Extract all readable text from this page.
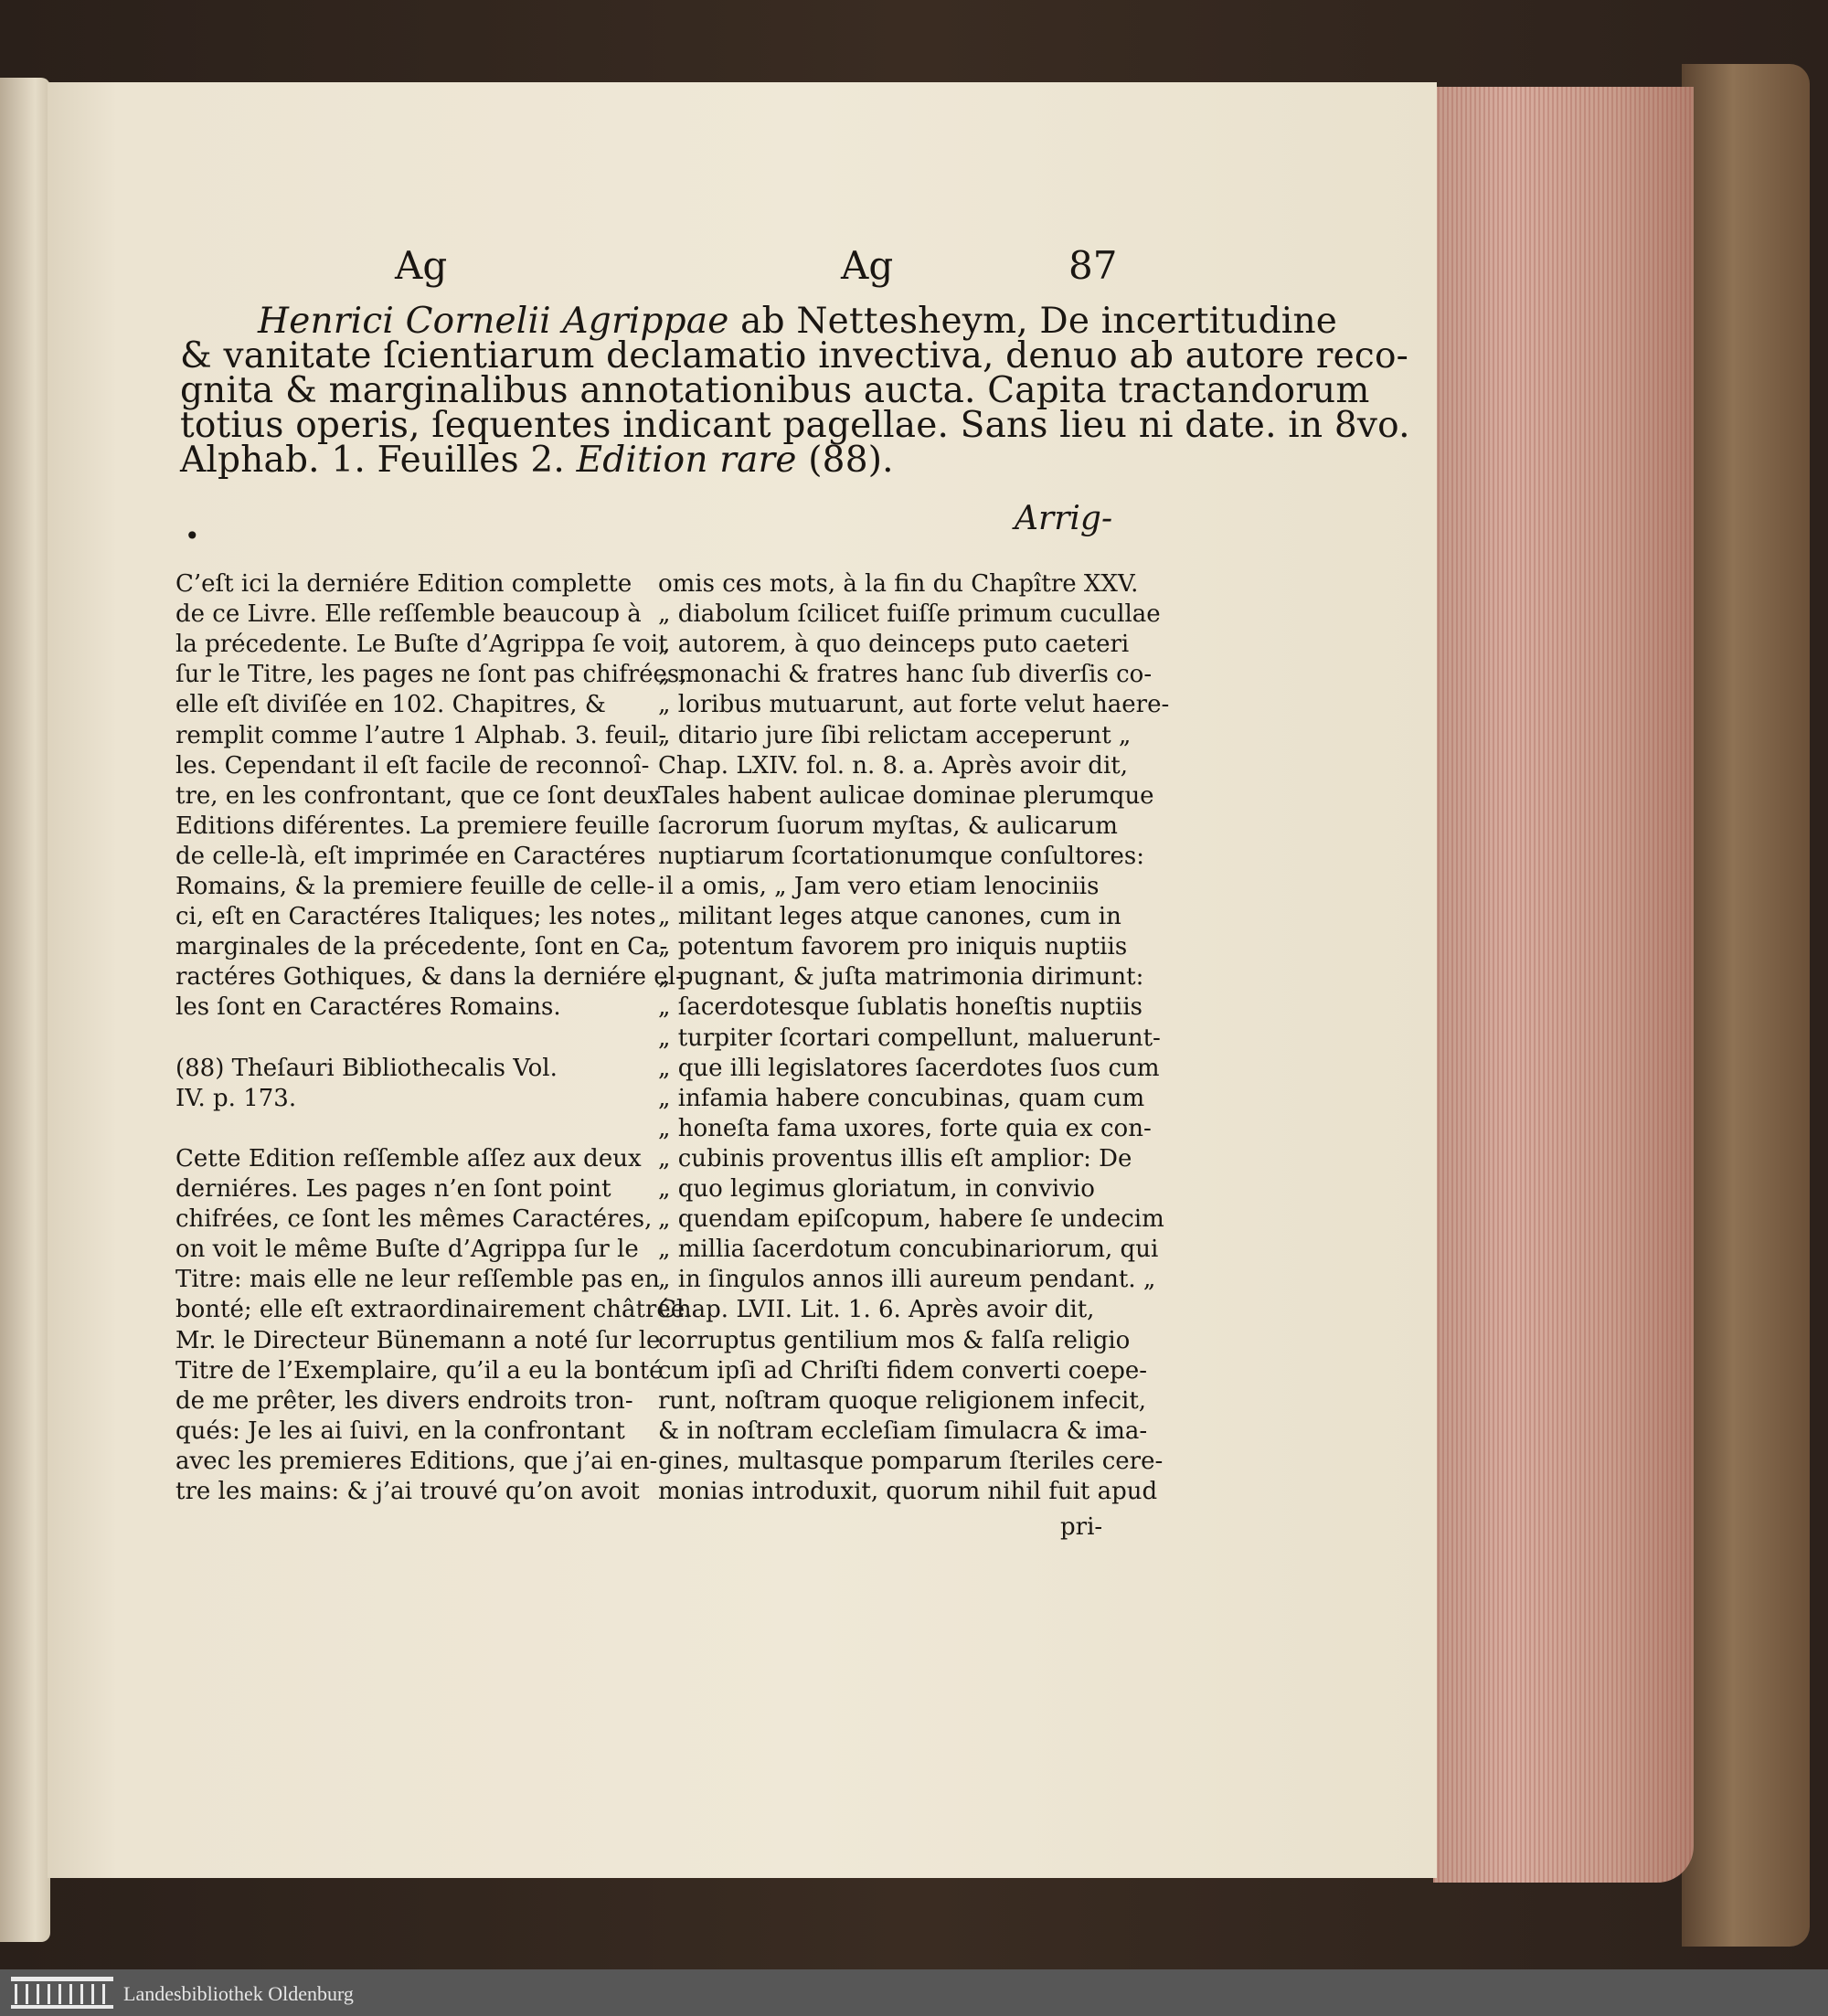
Ag	Ag	87
Henrici Cornelii Agrippae ab Nettesheym, De incertitudine
& vanitate ſcientiarum declamatio invectiva, denuo ab autore reco-
gnita & marginalibus annotationibus aucta. Capita tractandorum
totius operis, ſequentes indicant pagellae. Sans lieu ni date. in 8vo.
Alphab. 1. Feuilles 2. Edition rare (88).
Arrig-
•
C’eſt ici la derniére Edition complette
de ce Livre. Elle reſſemble beaucoup à
la précedente. Le Buſte d’Agrippa ſe voit
ſur le Titre, les pages ne ſont pas chifrées,
elle eſt diviſée en 102. Chapitres, &
remplit comme l’autre 1 Alphab. 3. feuil-
les. Cependant il eſt facile de reconnoî-
tre, en les confrontant, que ce ſont deux
Editions diférentes. La premiere feuille
de celle-là, eſt imprimée en Caractéres
Romains, & la premiere feuille de celle-
ci, eſt en Caractéres Italiques; les notes
marginales de la précedente, ſont en Ca-
ractéres Gothiques, & dans la derniére el-
les ſont en Caractéres Romains.
(88) Theſauri Bibliothecalis Vol.
IV. p. 173.
Cette Edition reſſemble aſſez aux deux
derniéres. Les pages n’en ſont point
chifrées, ce ſont les mêmes Caractéres,
on voit le même Buſte d’Agrippa ſur le
Titre: mais elle ne leur reſſemble pas en
bonté; elle eſt extraordinairement châtrée.
Mr. le Directeur Bünemann a noté ſur le
Titre de l’Exemplaire, qu’il a eu la bonté
de me prêter, les divers endroits tron-
qués: Je les ai ſuivi, en la confrontant
avec les premieres Editions, que j’ai en-
tre les mains: & j’ai trouvé qu’on avoit
omis ces mots, à la fin du Chapître XXV.
„ diabolum ſcilicet fuiſſe primum cucullae
„ autorem, à quo deinceps puto caeteri
„ monachi & fratres hanc ſub diverſis co-
„ loribus mutuarunt, aut forte velut haere-
„ ditario jure ſibi relictam acceperunt „
Chap. LXIV. fol. n. 8. a. Après avoir dit,
Tales habent aulicae dominae plerumque
ſacrorum ſuorum myſtas, & aulicarum
nuptiarum ſcortationumque conſultores:
il a omis, „ Jam vero etiam lenociniis
„ militant leges atque canones, cum in
„ potentum favorem pro iniquis nuptiis
„ pugnant, & juſta matrimonia dirimunt:
„ ſacerdotesque ſublatis honeſtis nuptiis
„ turpiter ſcortari compellunt, maluerunt-
„ que illi legislatores ſacerdotes ſuos cum
„ infamia habere concubinas, quam cum
„ honeſta fama uxores, forte quia ex con-
„ cubinis proventus illis eſt amplior: De
„ quo legimus gloriatum, in convivio
„ quendam epiſcopum, habere ſe undecim
„ millia ſacerdotum concubinariorum, qui
„ in ſingulos annos illi aureum pendant. „
Chap. LVII. Lit. 1. 6. Après avoir dit,
corruptus gentilium mos & falſa religio
cum ipſi ad Chriſti fidem converti coepe-
runt, noſtram quoque religionem infecit,
& in noſtram eccleſiam ſimulacra & ima-
gines, multasque pomparum ſteriles cere-
monias introduxit, quorum nihil fuit apud
pri-
Landesbibliothek Oldenburg
